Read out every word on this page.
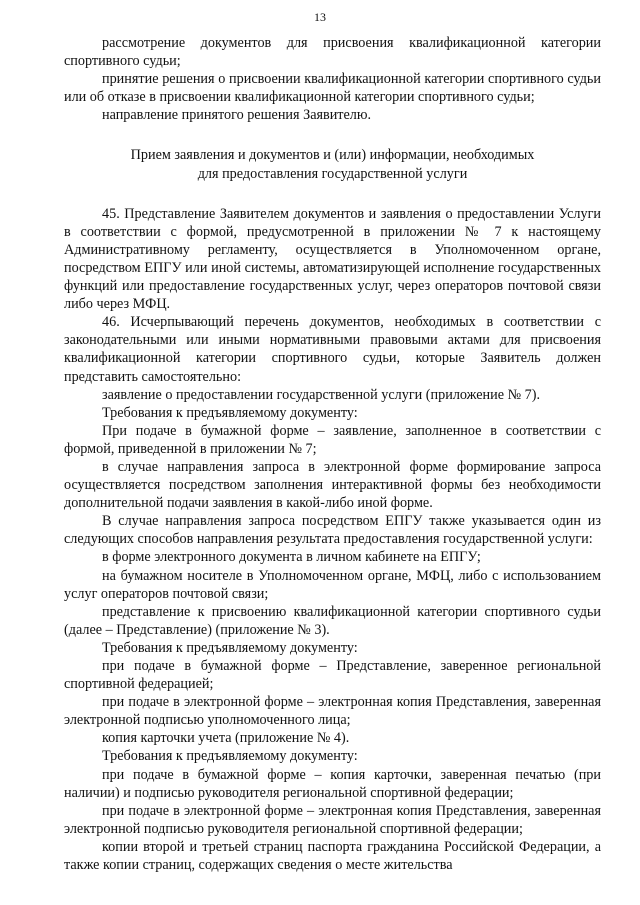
13

рассмотрение документов для присвоения квалификационной категории спортивного судьи;

принятие решения о присвоении квалификационной категории спортивного судьи или об отказе в присвоении квалификационной категории спортивного судьи;

направление принятого решения Заявителю.

Прием заявления и документов и (или) информации, необходимых

для предоставления государственной услуги

45. Представление Заявителем документов и заявления о предоставлении Услуги в соответствии с формой, предусмотренной в приложении № 7 к настоящему Административному регламенту, осуществляется в Уполномоченном органе, посредством ЕПГУ или иной системы, автоматизирующей исполнение государственных функций или предоставление государственных услуг, через операторов почтовой связи либо через МФЦ.

46. Исчерпывающий перечень документов, необходимых в соответствии с законодательными или иными нормативными правовыми актами для присвоения квалификационной категории спортивного судьи, которые Заявитель должен представить самостоятельно:

заявление о предоставлении государственной услуги (приложение № 7).

Требования к предъявляемому документу:

При подаче в бумажной форме – заявление, заполненное в соответствии с формой, приведенной в приложении № 7;

в случае направления запроса в электронной форме формирование запроса осуществляется посредством заполнения интерактивной формы без необходимости дополнительной подачи заявления в какой-либо иной форме.

В случае направления запроса посредством ЕПГУ также указывается один из следующих способов направления результата предоставления государственной услуги:

в форме электронного документа в личном кабинете на ЕПГУ;

на бумажном носителе в Уполномоченном органе, МФЦ, либо с использованием услуг операторов почтовой связи;

представление к присвоению квалификационной категории спортивного судьи (далее – Представление) (приложение № 3).

Требования к предъявляемому документу:

при подаче в бумажной форме – Представление, заверенное региональной спортивной федерацией;

при подаче в электронной форме – электронная копия Представления, заверенная электронной подписью уполномоченного лица;

копия карточки учета (приложение № 4).

Требования к предъявляемому документу:

при подаче в бумажной форме – копия карточки, заверенная печатью (при наличии) и подписью руководителя региональной спортивной федерации;

при подаче в электронной форме – электронная копия Представления, заверенная электронной подписью руководителя региональной спортивной федерации;

копии второй и третьей страниц паспорта гражданина Российской Федерации, а также копии страниц, содержащих сведения о месте жительства
